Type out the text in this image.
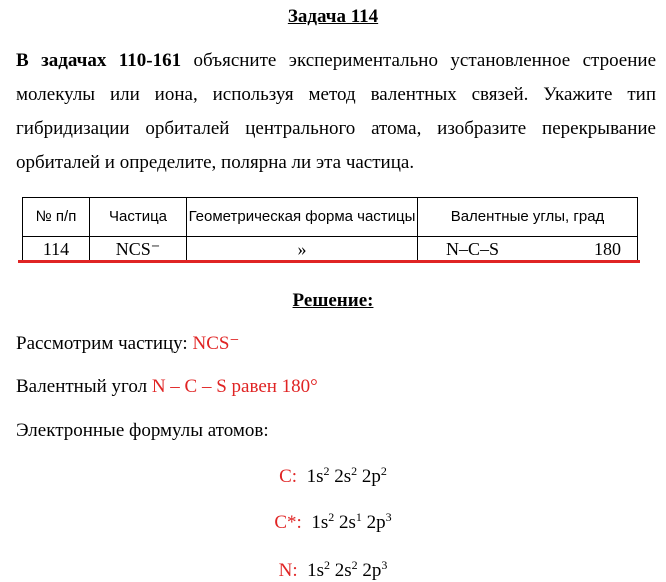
Задача 114

В задачах 110-161 объясните экспериментально установленное строение молекулы или иона, используя метод валентных связей. Укажите тип гибридизации орбиталей центрального атома, изобразите перекрывание орбиталей и определите, полярна ли эта частица.

№ п/п	Частица	Геометрическая форма частицы	Валентные углы, град
114	NCS⁻	»	N–C–S 180

Решение:
Рассмотрим частицу: NCS⁻
Валентный угол N – C – S равен 180°
Электронные формулы атомов:
C: $1s^2$ $2s^2$ $2p^2$
C*: $1s^2$ $2s^1$ $2p^3$
N: $1s^2$ $2s^2$ $2p^3$
